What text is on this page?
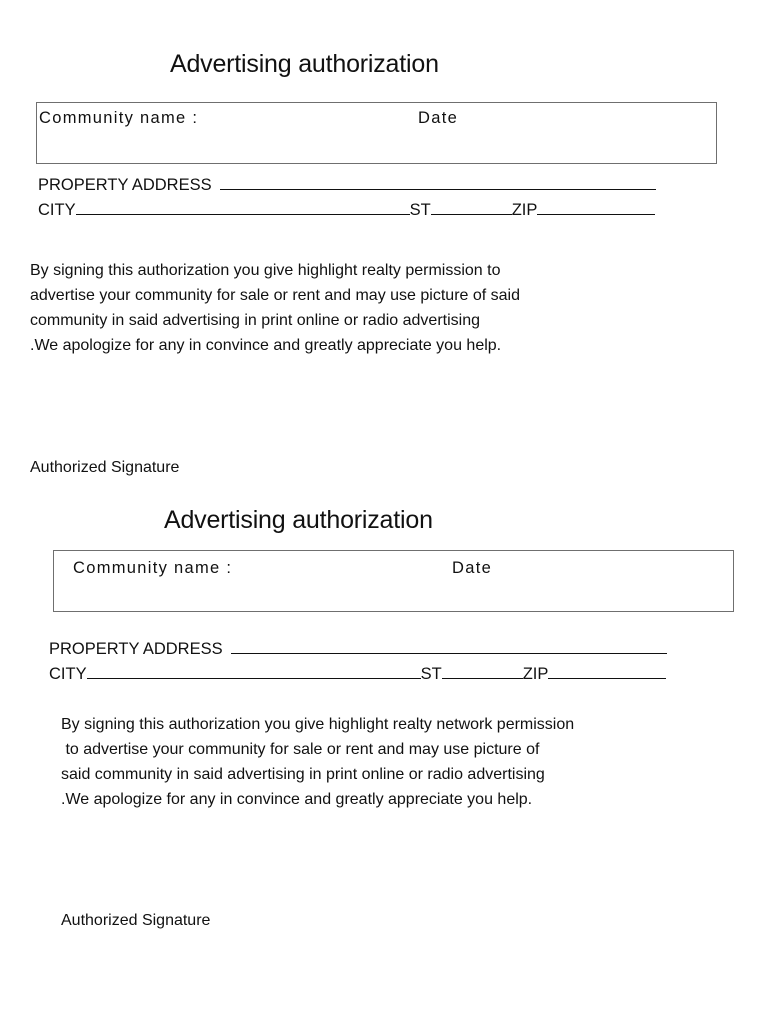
Advertising authorization
Community name :	Date
PROPERTY ADDRESS
CITY	ST	ZIP
By signing this authorization you give highlight realty permission to
advertise your community for sale or rent and may use picture of said
community in said advertising in print online or radio advertising
.We apologize for any in convince and greatly appreciate you help.
Authorized Signature
Advertising authorization
Community name :	Date
PROPERTY ADDRESS
CITY	ST	ZIP
By signing this authorization you give highlight realty network permission
to advertise your community for sale or rent and may use picture of
said community in said advertising in print online or radio advertising
.We apologize for any in convince and greatly appreciate you help.
Authorized Signature
